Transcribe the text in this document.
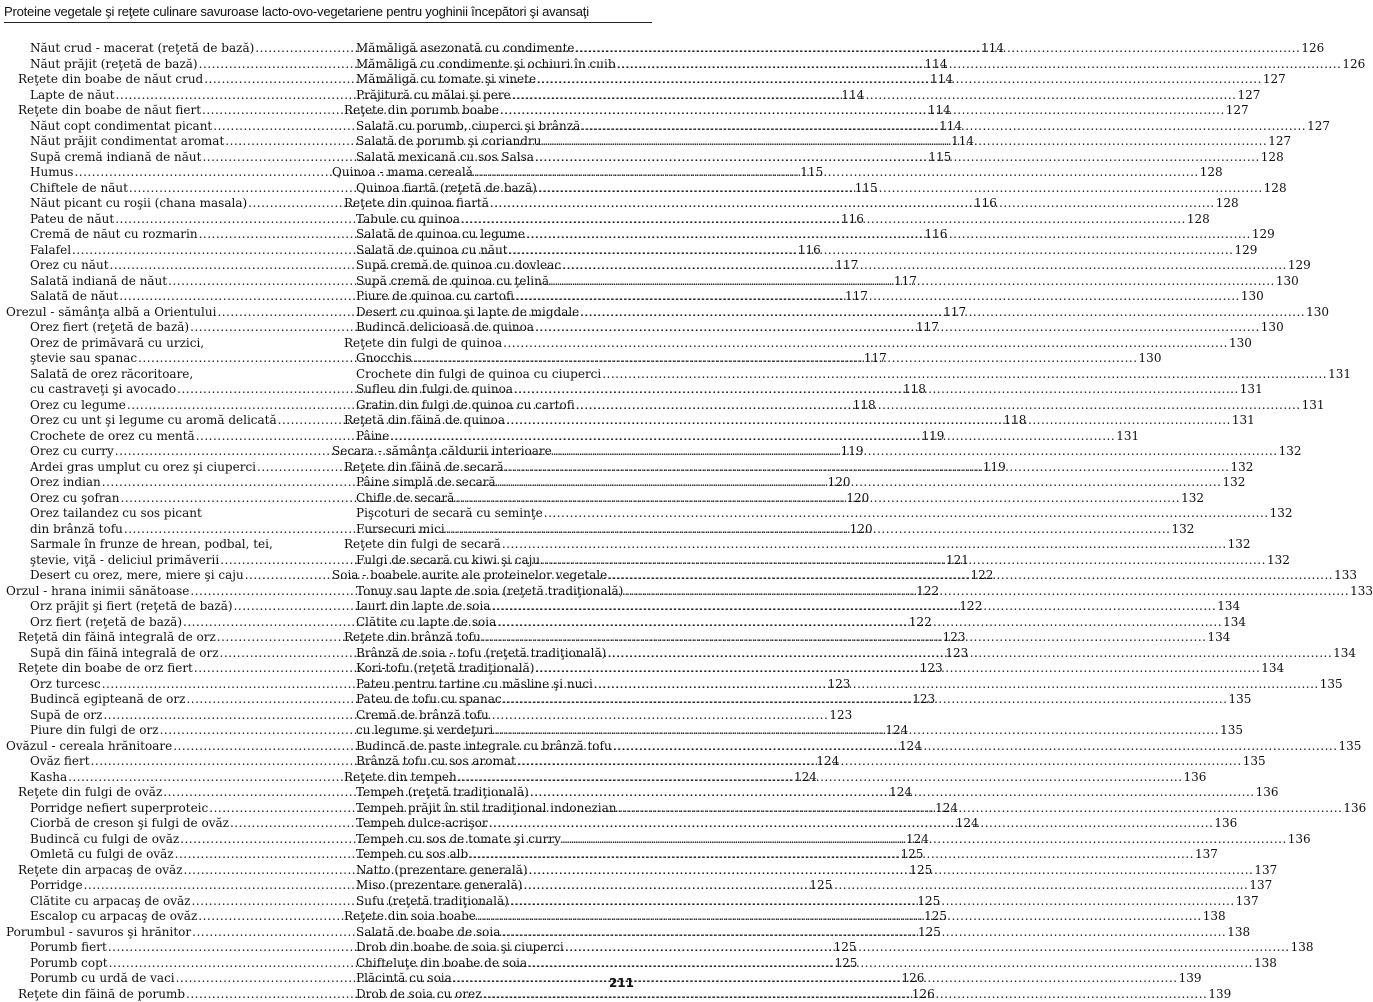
Proteine vegetale şi reţete culinare savuroase lacto-ovo-vegetariene pentru yoghinii începători şi avansaţi
Năut crud - macerat (reţetă de bază) .....	114
Năut prăjit (reţetă de bază) .....	114
Reţete din boabe de năut crud .....	114
Lapte de năut .....	114
Reţete din boabe de năut fiert .....	114
Năut copt condimentat picant .....	114
Năut prăjit condimentat aromat .....	114
Supă cremă indiană de năut .....	115
Humus .....	115
Chiftele de năut .....	115
Năut picant cu roşii (chana masala) .....	116
Pateu de năut .....	116
Cremă de năut cu rozmarin .....	116
Falafel .....	116
Orez cu năut .....	117
Salată indiană de năut .....	117
Salată de năut .....	117
Orezul - sămânţa albă a Orientului .....	117
Orez fiert (reţetă de bază) .....	117
Orez de primăvară cu urzici,
ştevie sau spanac .....	117
Salată de orez răcoritoare,
cu castraveţi şi avocado .....	118
Orez cu legume .....	118
Orez cu unt şi legume cu aromă delicată .....	118
Crochete de orez cu mentă .....	119
Orez cu curry .....	119
Ardei gras umplut cu orez şi ciuperci .....	119
Orez indian .....	120
Orez cu şofran .....	120
Orez tailandez cu sos picant
din brânză tofu .....	120
Sarmale în frunze de hrean, podbal, tei,
ştevie, viţă - deliciul primăverii .....	121
Desert cu orez, mere, miere şi caju .....	122
Orzul - hrana inimii sănătoase .....	122
Orz prăjit şi fiert (reţetă de bază) .....	122
Orz fiert (reţetă de bază) .....	122
Reţetă din făină integrală de orz .....	123
Supă din făină integrală de orz .....	123
Reţete din boabe de orz fiert .....	123
Orz turcesc .....	123
Budincă egipteană de orz .....	123
Supă de orz .....	123
Piure din fulgi de orz .....	124
Ovăzul - cereala hrănitoare .....	124
Ovăz fiert .....	124
Kasha .....	124
Reţete din fulgi de ovăz .....	124
Porridge nefiert superproteic .....	124
Ciorbă de creson şi fulgi de ovăz .....	124
Budincă cu fulgi de ovăz .....	124
Omletă cu fulgi de ovăz .....	125
Reţete din arpacaş de ovăz .....	125
Porridge .....	125
Clătite cu arpacaş de ovăz .....	125
Escalop cu arpacaş de ovăz .....	125
Porumbul - savuros şi hrănitor .....	125
Porumb fiert .....	125
Porumb copt .....	125
Porumb cu urdă de vaci .....	126
Reţete din făină de porumb .....	126
Mămăligă asezonată cu condimente .....	126
Mămăligă cu condimente şi ochiuri în cuib .....	126
Mămăligă cu tomate şi vinete .....	127
Prăjitură cu mălai şi pere .....	127
Reţete din porumb boabe .....	127
Salată cu porumb, ciuperci şi brânză .....	127
Salată de porumb şi coriandru .....	127
Salată mexicană cu sos Salsa .....	128
Quinoa - mama cerealǎ .....	128
Quinoa fiartă (reţetă de bază) .....	128
Reţete din quinoa fiartă .....	128
Tabule cu quinoa .....	128
Salată de quinoa cu legume .....	129
Salată de quinoa cu năut .....	129
Supă cremă de quinoa cu dovleac .....	129
Supă cremă de quinoa cu ţelină .....	130
Piure de quinoa cu cartofi .....	130
Desert cu quinoa şi lapte de migdale .....	130
Budincă delicioasă de quinoa .....	130
Reţete din fulgi de quinoa .....	130
Gnocchis .....	130
Crochete din fulgi de quinoa cu ciuperci .....	131
Sufleu din fulgi de quinoa .....	131
Gratin din fulgi de quinoa cu cartofi .....	131
Reţetă din făină de quinoa .....	131
Pâine .....	131
Secara - sămânţa căldurii interioare .....	132
Reţete din făină de secară .....	132
Pâine simplă de secară .....	132
Chifle de secară .....	132
Pişcoturi de secară cu seminţe .....	132
Fursecuri mici .....	132
Reţete din fulgi de secară .....	132
Fulgi de secară cu kiwi şi caju .....	132
Soia - boabele aurite ale proteinelor vegetale .....	133
Tonuy sau lapte de soia (reţetă tradiţională) .....	133
Iaurt din lapte de soia .....	134
Clătite cu lapte de soia .....	134
Reţete din brânză tofu .....	134
Brânză de soia - tofu (reţetă tradiţională) .....	134
Kori-tofu (reţetă tradiţională) .....	134
Pateu pentru tartine cu măsline şi nuci .....	135
Pateu de tofu cu spanac .....	135
Cremă de brânză tofu
cu legume şi verdeţuri .....	135
Budincă de paste integrale cu brânză tofu .....	135
Brânză tofu cu sos aromat .....	135
Reţete din tempeh .....	136
Tempeh (reţetă tradiţională) .....	136
Tempeh prăjit în stil tradiţional indonezian .....	136
Tempeh dulce-acrişor .....	136
Tempeh cu sos de tomate şi curry .....	136
Tempeh cu sos alb .....	137
Natto (prezentare generală) .....	137
Miso (prezentare generală) .....	137
Sufu (reţetă tradiţională) .....	137
Reţete din soia boabe .....	138
Salată de boabe de soia .....	138
Drob din boabe de soia şi ciuperci .....	138
Chifteluţe din boabe de soia .....	138
Plăcintă cu soia .....	139
Drob de soia cu orez .....	139
211
